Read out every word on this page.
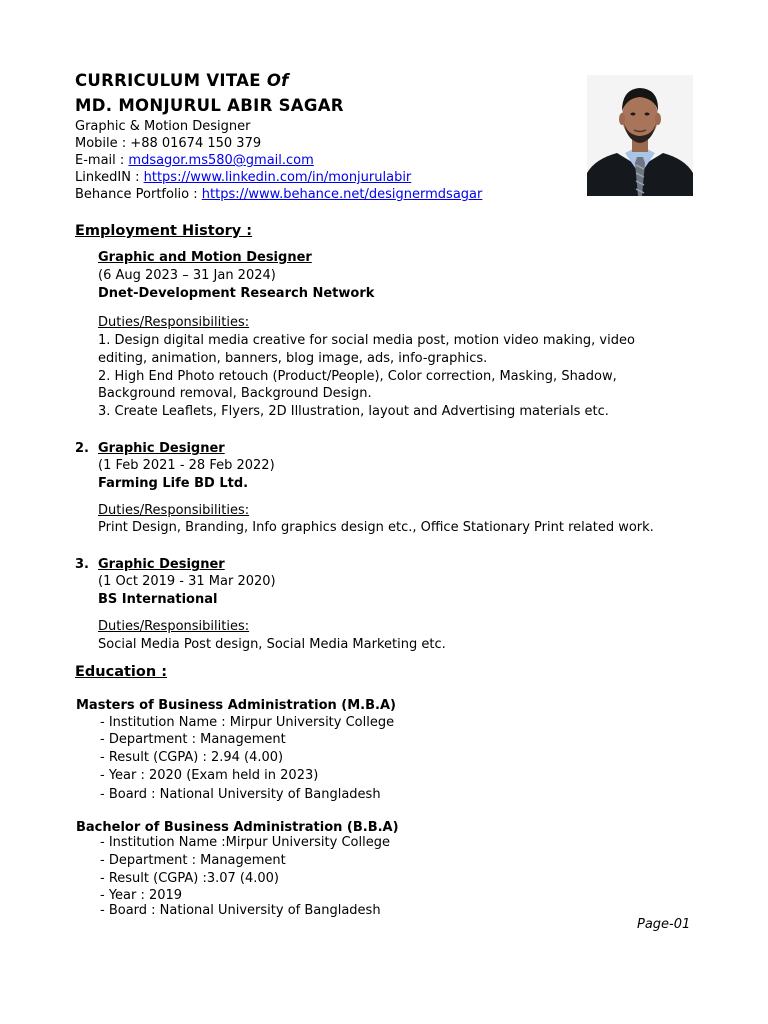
CURRICULUM VITAE Of
MD. MONJURUL ABIR SAGAR
Graphic & Motion Designer
Mobile : +88 01674 150 379
E-mail : mdsagor.ms580@gmail.com
LinkedIN : https://www.linkedin.com/in/monjurulabir
Behance Portfolio : https://www.behance.net/designermdsagar
Employment History :
Graphic and Motion Designer
(6 Aug 2023 – 31 Jan 2024)
Dnet-Development Research Network
Duties/Responsibilities:
1. Design digital media creative for social media post, motion video making, video
editing, animation, banners, blog image, ads, info-graphics.
2. High End Photo retouch (Product/People), Color correction, Masking, Shadow,
Background removal, Background Design.
3. Create Leaflets, Flyers, 2D Illustration, layout and Advertising materials etc.
2. Graphic Designer
(1 Feb 2021 - 28 Feb 2022)
Farming Life BD Ltd.
Duties/Responsibilities:
Print Design, Branding, Info graphics design etc., Office Stationary Print related work.
3. Graphic Designer
(1 Oct 2019 - 31 Mar 2020)
BS International
Duties/Responsibilities:
Social Media Post design, Social Media Marketing etc.
Education :
Masters of Business Administration (M.B.A)
- Institution Name : Mirpur University College
- Department : Management
- Result (CGPA) : 2.94 (4.00)
- Year : 2020 (Exam held in 2023)
- Board : National University of Bangladesh
Bachelor of Business Administration (B.B.A)
- Institution Name :Mirpur University College
- Department : Management
- Result (CGPA) :3.07 (4.00)
- Year : 2019
- Board : National University of Bangladesh
Page-01
